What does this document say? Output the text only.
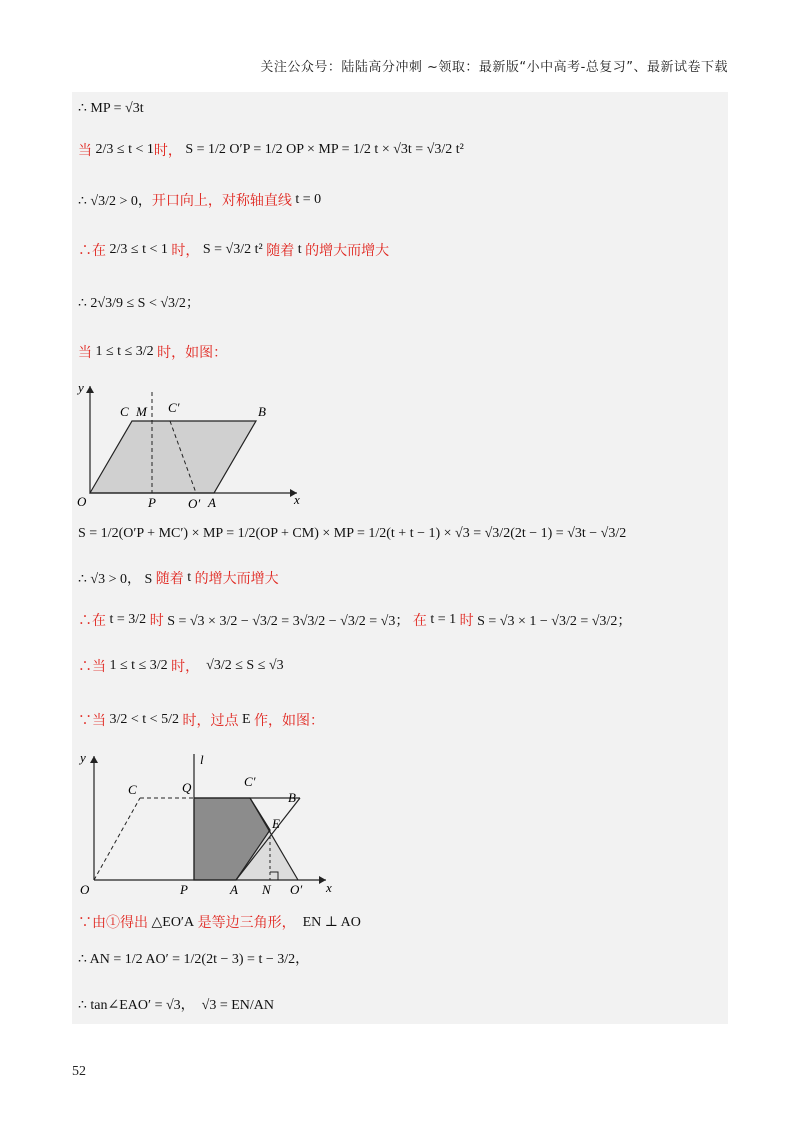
关注公众号：陆陆高分冲刺 ~领取：最新版“小中高考-总复习”、最新试卷下载
∴ MP = √3t
当 2/3 ≤ t < 1 时， S = 1/2 O′P = 1/2 OP × MP = 1/2 t × √3t = √3/2 t²
∴ √3/2 > 0， 开口向上，对称轴直线 t = 0
∴在 2/3 ≤ t < 1 时， S = √3/2 t² 随着 t 的增大而增大
∴ 2√3/9 ≤ S < √3/2；
当 1 ≤ t ≤ 3/2 时，如图：
y
x
O	P O′ A
C M C′	B
S = 1/2(O′P + MC′) × MP = 1/2(OP + CM) × MP = 1/2(t + t − 1) × √3 = √3/2(2t − 1) = √3t − √3/2
∴ √3 > 0， S 随着 t 的增大而增大
∴在 t = 3/2 时 S = √3 × 3/2 − √3/2 = 3√3/2 − √3/2 = √3； 在 t = 1 时 S = √3 × 1 − √3/2 = √3/2；
∴当 1 ≤ t ≤ 3/2 时， √3/2 ≤ S ≤ √3
∵当 3/2 < t < 5/2 时，过点 E 作，如图：
y
x
l
O	P	A N O′
C	Q	C′
B
E
∵由①得出 △EO′A 是等边三角形， EN ⊥ AO
∴ AN = 1/2 AO′ = 1/2(2t − 3) = t − 3/2，
∴ tan∠EAO′ = √3，  √3 = EN/AN
52
